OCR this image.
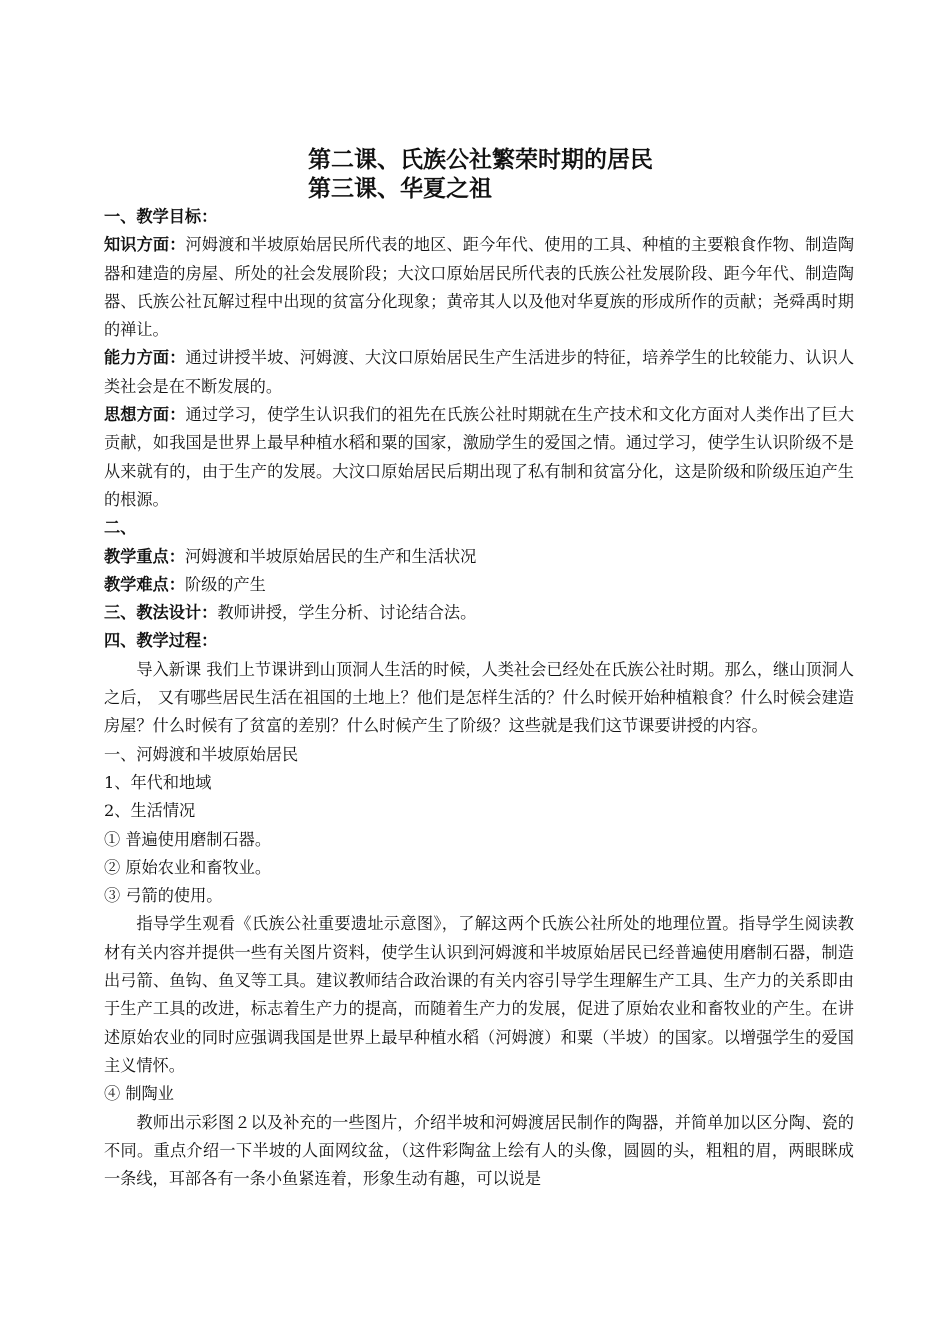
第二课、氏族公社繁荣时期的居民
第三课、华夏之祖

一、教学目标：

知识方面：河姆渡和半坡原始居民所代表的地区、距今年代、使用的工具、种植的主要粮食作物、制造陶器和建造的房屋、所处的社会发展阶段；大汶口原始居民所代表的氏族公社发展阶段、距今年代、制造陶器、氏族公社瓦解过程中出现的贫富分化现象；黄帝其人以及他对华夏族的形成所作的贡献；尧舜禹时期的禅让。

能力方面：通过讲授半坡、河姆渡、大汶口原始居民生产生活进步的特征，培养学生的比较能力、认识人类社会是在不断发展的。

思想方面：通过学习，使学生认识我们的祖先在氏族公社时期就在生产技术和文化方面对人类作出了巨大贡献，如我国是世界上最早种植水稻和粟的国家，激励学生的爱国之情。通过学习，使学生认识阶级不是从来就有的，由于生产的发展。大汶口原始居民后期出现了私有制和贫富分化，这是阶级和阶级压迫产生的根源。

二、

教学重点：河姆渡和半坡原始居民的生产和生活状况

教学难点：阶级的产生

三、教法设计：教师讲授，学生分析、讨论结合法。

四、教学过程：

导入新课 我们上节课讲到山顶洞人生活的时候，人类社会已经处在氏族公社时期。那么，继山顶洞人之后， 又有哪些居民生活在祖国的土地上？他们是怎样生活的？什么时候开始种植粮食？什么时候会建造房屋？什么时候有了贫富的差别？什么时候产生了阶级？这些就是我们这节课要讲授的内容。

一、河姆渡和半坡原始居民

1、年代和地域

2、生活情况

① 普遍使用磨制石器。

② 原始农业和畜牧业。

③ 弓箭的使用。

指导学生观看《氏族公社重要遗址示意图》，了解这两个氏族公社所处的地理位置。指导学生阅读教材有关内容并提供一些有关图片资料，使学生认识到河姆渡和半坡原始居民已经普遍使用磨制石器，制造出弓箭、鱼钩、鱼叉等工具。建议教师结合政治课的有关内容引导学生理解生产工具、生产力的关系即由于生产工具的改进，标志着生产力的提高，而随着生产力的发展，促进了原始农业和畜牧业的产生。在讲述原始农业的同时应强调我国是世界上最早种植水稻（河姆渡）和粟（半坡）的国家。以增强学生的爱国主义情怀。

④ 制陶业

教师出示彩图２以及补充的一些图片，介绍半坡和河姆渡居民制作的陶器，并简单加以区分陶、瓷的不同。重点介绍一下半坡的人面网纹盆，（这件彩陶盆上绘有人的头像，圆圆的头，粗粗的眉，两眼眯成一条线，耳部各有一条小鱼紧连着，形象生动有趣，可以说是
